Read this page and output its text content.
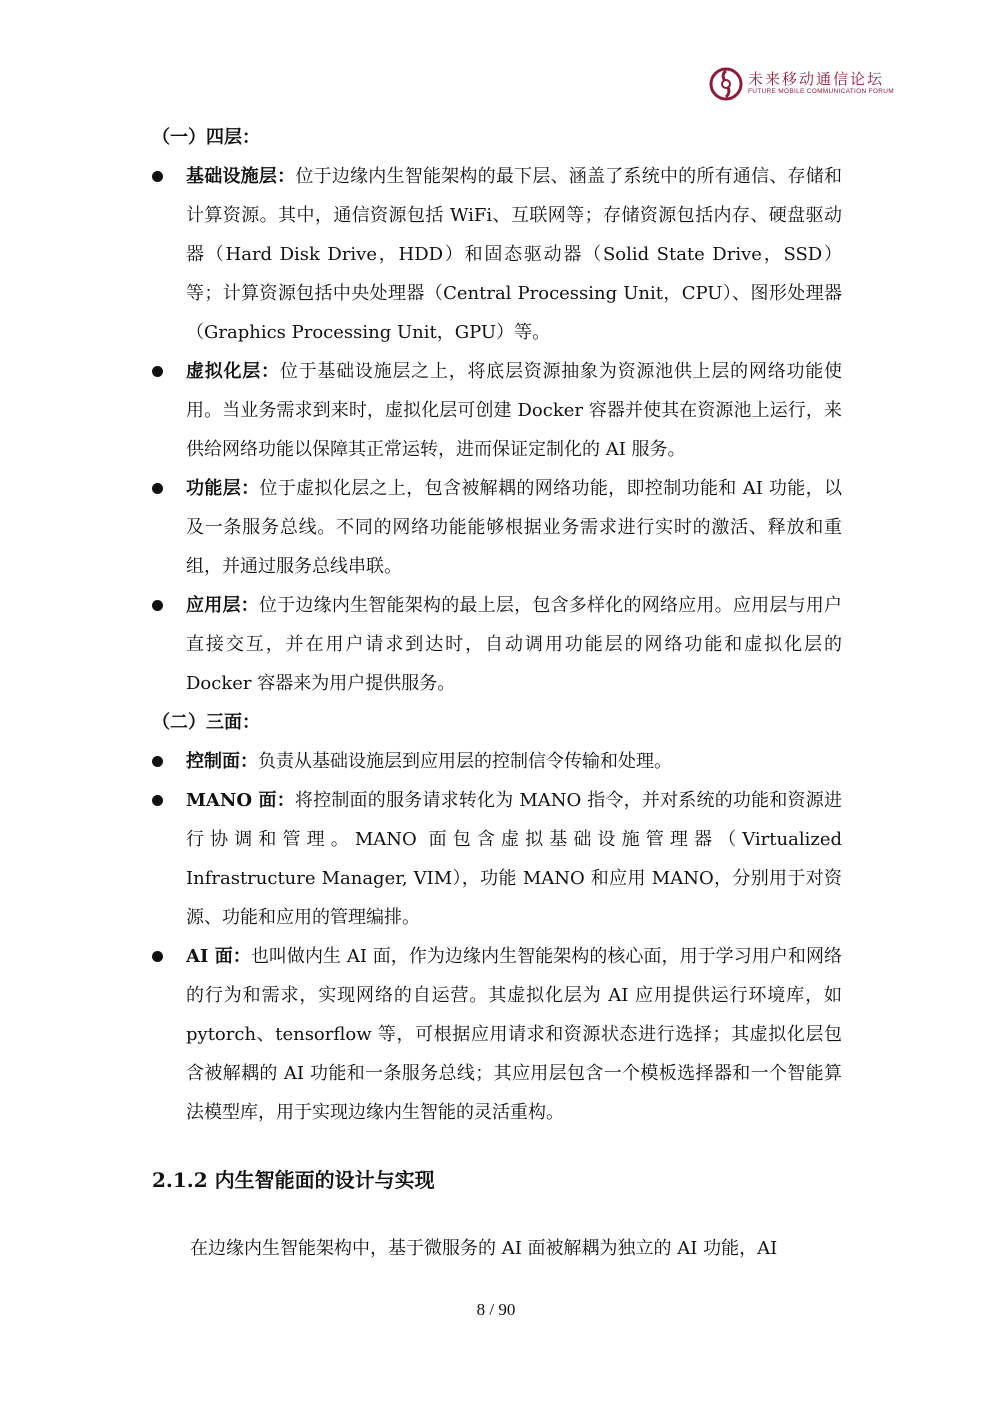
未来移动通信论坛
FUTURE MOBILE COMMUNICATION FORUM
（一）四层：
基础设施层：位于边缘内生智能架构的最下层、涵盖了系统中的所有通信、存储和计算资源。其中，通信资源包括 WiFi、互联网等；存储资源包括内存、硬盘驱动器（Hard Disk Drive，HDD）和固态驱动器（Solid State Drive，SSD）等；计算资源包括中央处理器（Central Processing Unit，CPU）、图形处理器（Graphics Processing Unit，GPU）等。
虚拟化层：位于基础设施层之上，将底层资源抽象为资源池供上层的网络功能使用。当业务需求到来时，虚拟化层可创建 Docker 容器并使其在资源池上运行，来供给网络功能以保障其正常运转，进而保证定制化的 AI 服务。
功能层：位于虚拟化层之上，包含被解耦的网络功能，即控制功能和 AI 功能，以及一条服务总线。不同的网络功能能够根据业务需求进行实时的激活、释放和重组，并通过服务总线串联。
应用层：位于边缘内生智能架构的最上层，包含多样化的网络应用。应用层与用户直接交互，并在用户请求到达时，自动调用功能层的网络功能和虚拟化层的 Docker 容器来为用户提供服务。
（二）三面：
控制面：负责从基础设施层到应用层的控制信令传输和处理。
MANO 面：将控制面的服务请求转化为 MANO 指令，并对系统的功能和资源进行协调和管理。MANO 面包含虚拟基础设施管理器（Virtualized Infrastructure Manager, VIM），功能 MANO 和应用 MANO，分别用于对资源、功能和应用的管理编排。
AI 面：也叫做内生 AI 面，作为边缘内生智能架构的核心面，用于学习用户和网络的行为和需求，实现网络的自运营。其虚拟化层为 AI 应用提供运行环境库，如 pytorch、tensorflow 等，可根据应用请求和资源状态进行选择；其虚拟化层包含被解耦的 AI 功能和一条服务总线；其应用层包含一个模板选择器和一个智能算法模型库，用于实现边缘内生智能的灵活重构。
2.1.2 内生智能面的设计与实现
在边缘内生智能架构中，基于微服务的 AI 面被解耦为独立的 AI 功能，AI
8 / 90
